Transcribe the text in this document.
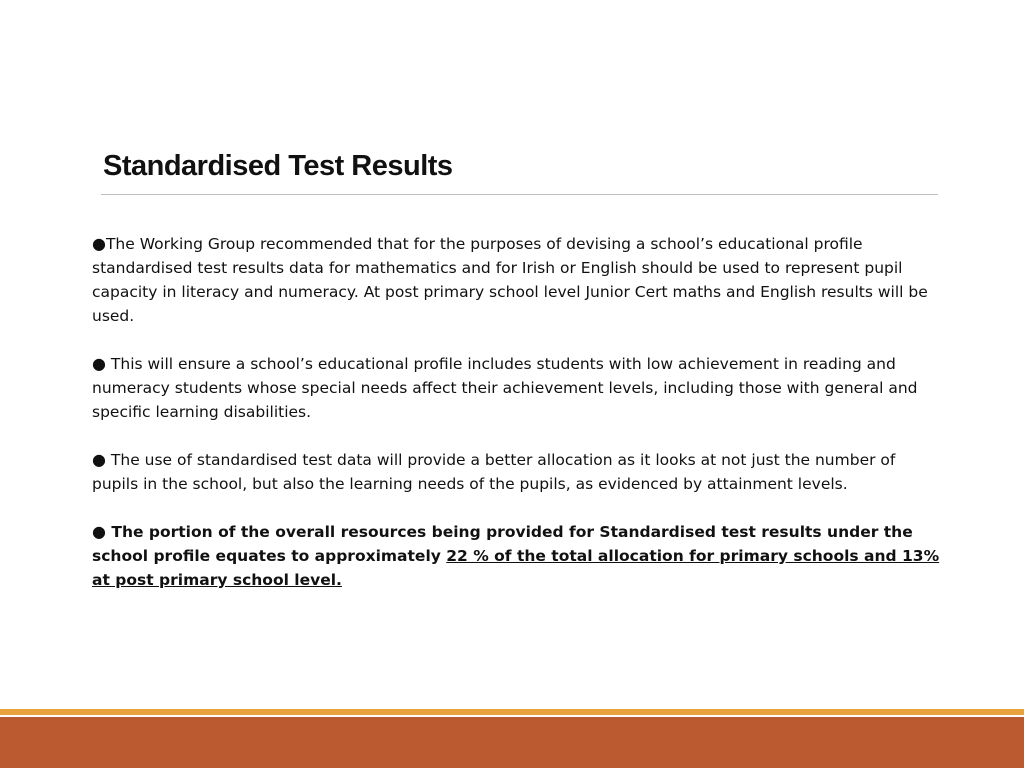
Standardised Test Results

●The Working Group recommended that for the purposes of devising a school’s educational profile standardised test results data for mathematics and for Irish or English should be used to represent pupil capacity in literacy and numeracy. At post primary school level Junior Cert maths and English results will be used.

● This will ensure a school’s educational profile includes students with low achievement in reading and numeracy students whose special needs affect their achievement levels, including those with general and specific learning disabilities.

● The use of standardised test data will provide a better allocation as it looks at not just the number of pupils in the school, but also the learning needs of the pupils, as evidenced by attainment levels.

● The portion of the overall resources being provided for Standardised test results under the school profile equates to approximately 22 % of the total allocation for primary schools and 13% at post primary school level.
